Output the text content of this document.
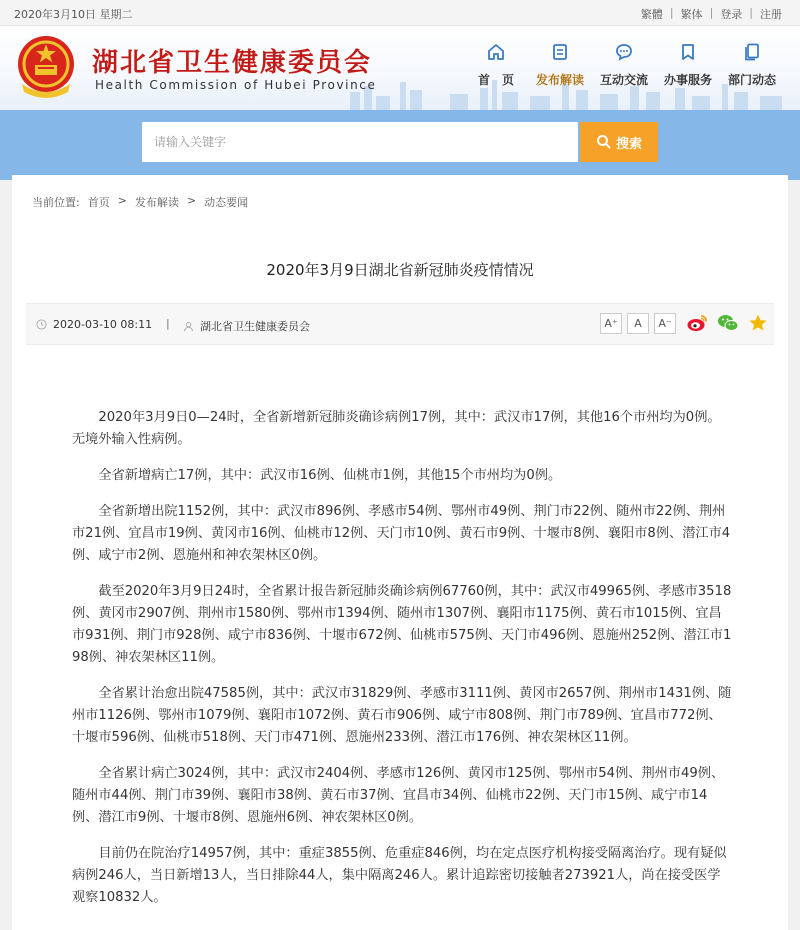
2020年3月10日 星期二	繁體 | 繁体 | 登录 | 注册
湖北省卫生健康委员会
Health Commission of Hubei Province	首　页	发布解读	互动交流	办事服务	部门动态
请输入关键字	搜索
当前位置: 首页 > 发布解读 > 动态要闻
2020年3月9日湖北省新冠肺炎疫情情况
2020-03-10 08:11 |	湖北省卫生健康委员会	A⁺	A	A⁻

2020年3月9日0—24时，全省新增新冠肺炎确诊病例17例，其中：武汉市17例，其他16个市州均为0例。无境外输入性病例。

全省新增病亡17例，其中：武汉市16例、仙桃市1例，其他15个市州均为0例。

全省新增出院1152例，其中：武汉市896例、孝感市54例、鄂州市49例、荆门市22例、随州市22例、荆州市21例、宜昌市19例、黄冈市16例、仙桃市12例、天门市10例、黄石市9例、十堰市8例、襄阳市8例、潜江市4例、咸宁市2例、恩施州和神农架林区0例。

截至2020年3月9日24时，全省累计报告新冠肺炎确诊病例67760例，其中：武汉市49965例、孝感市3518例、黄冈市2907例、荆州市1580例、鄂州市1394例、随州市1307例、襄阳市1175例、黄石市1015例、宜昌市931例、荆门市928例、咸宁市836例、十堰市672例、仙桃市575例、天门市496例、恩施州252例、潜江市198例、神农架林区11例。

全省累计治愈出院47585例，其中：武汉市31829例、孝感市3111例、黄冈市2657例、荆州市1431例、随州市1126例、鄂州市1079例、襄阳市1072例、黄石市906例、咸宁市808例、荆门市789例、宜昌市772例、十堰市596例、仙桃市518例、天门市471例、恩施州233例、潜江市176例、神农架林区11例。

全省累计病亡3024例，其中：武汉市2404例、孝感市126例、黄冈市125例、鄂州市54例、荆州市49例、随州市44例、荆门市39例、襄阳市38例、黄石市37例、宜昌市34例、仙桃市22例、天门市15例、咸宁市14例、潜江市9例、十堰市8例、恩施州6例、神农架林区0例。

目前仍在院治疗14957例，其中：重症3855例、危重症846例，均在定点医疗机构接受隔离治疗。现有疑似病例246人，当日新增13人，当日排除44人，集中隔离246人。累计追踪密切接触者273921人，尚在接受医学观察10832人。
